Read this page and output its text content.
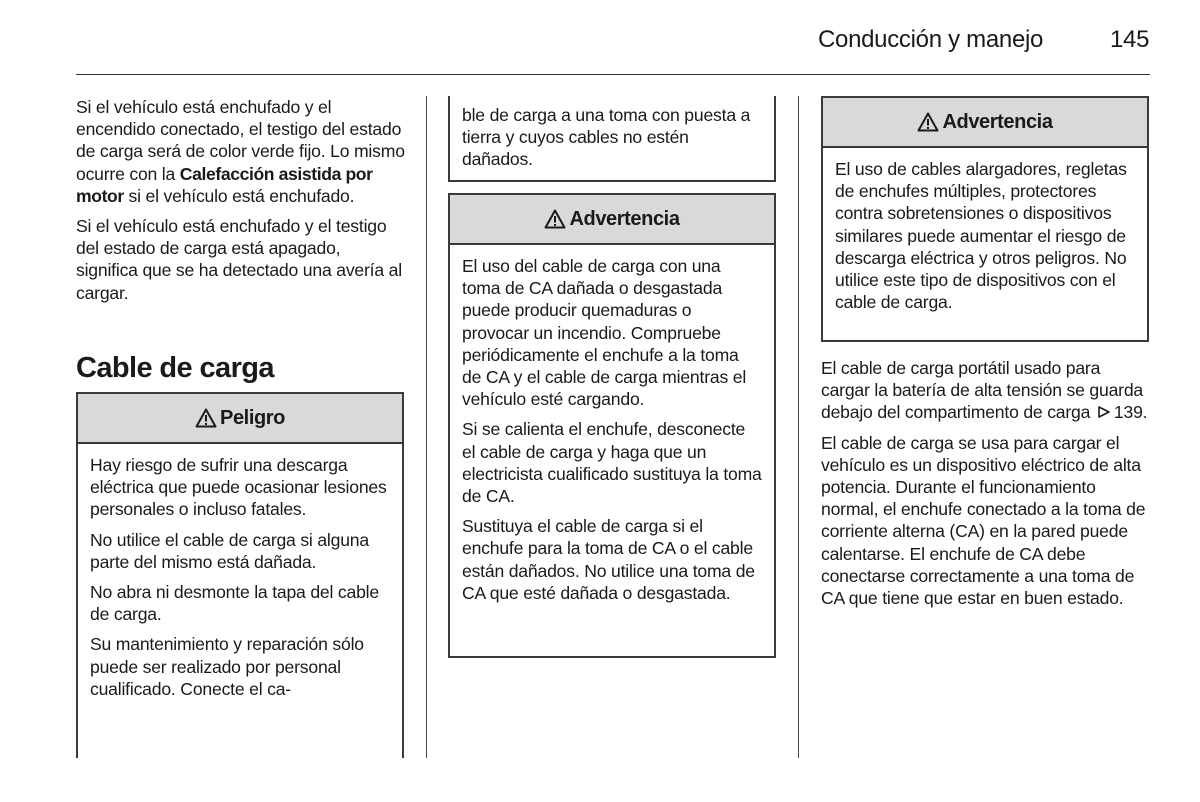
Conducción y manejo	145

Si el vehículo está enchufado y el encendido conectado, el testigo del estado de carga será de color verde fijo. Lo mismo ocurre con la Calefacción asistida por motor si el vehículo está enchufado.

Si el vehículo está enchufado y el testigo del estado de carga está apagado, significa que se ha detectado una avería al cargar.

Cable de carga
Peligro

Hay riesgo de sufrir una descarga eléctrica que puede ocasionar lesiones personales o incluso fatales.

No utilice el cable de carga si alguna parte del mismo está dañada.

No abra ni desmonte la tapa del cable de carga.

Su mantenimiento y reparación sólo puede ser realizado por personal cualificado. Conecte el ca-

ble de carga a una toma con puesta a tierra y cuyos cables no estén dañados.

Advertencia

El uso del cable de carga con una toma de CA dañada o desgastada puede producir quemaduras o provocar un incendio. Compruebe periódicamente el enchufe a la toma de CA y el cable de carga mientras el vehículo esté cargando.

Si se calienta el enchufe, desconecte el cable de carga y haga que un electricista cualificado sustituya la toma de CA.

Sustituya el cable de carga si el enchufe para la toma de CA o el cable están dañados. No utilice una toma de CA que esté dañada o desgastada.

Advertencia

El uso de cables alargadores, regletas de enchufes múltiples, protectores contra sobretensiones o dispositivos similares puede aumentar el riesgo de descarga eléctrica y otros peligros. No utilice este tipo de dispositivos con el cable de carga.

El cable de carga portátil usado para cargar la batería de alta tensión se guarda debajo del compartimento de carga 139.

El cable de carga se usa para cargar el vehículo es un dispositivo eléctrico de alta potencia. Durante el funcionamiento normal, el enchufe conectado a la toma de corriente alterna (CA) en la pared puede calentarse. El enchufe de CA debe conectarse correctamente a una toma de CA que tiene que estar en buen estado.
